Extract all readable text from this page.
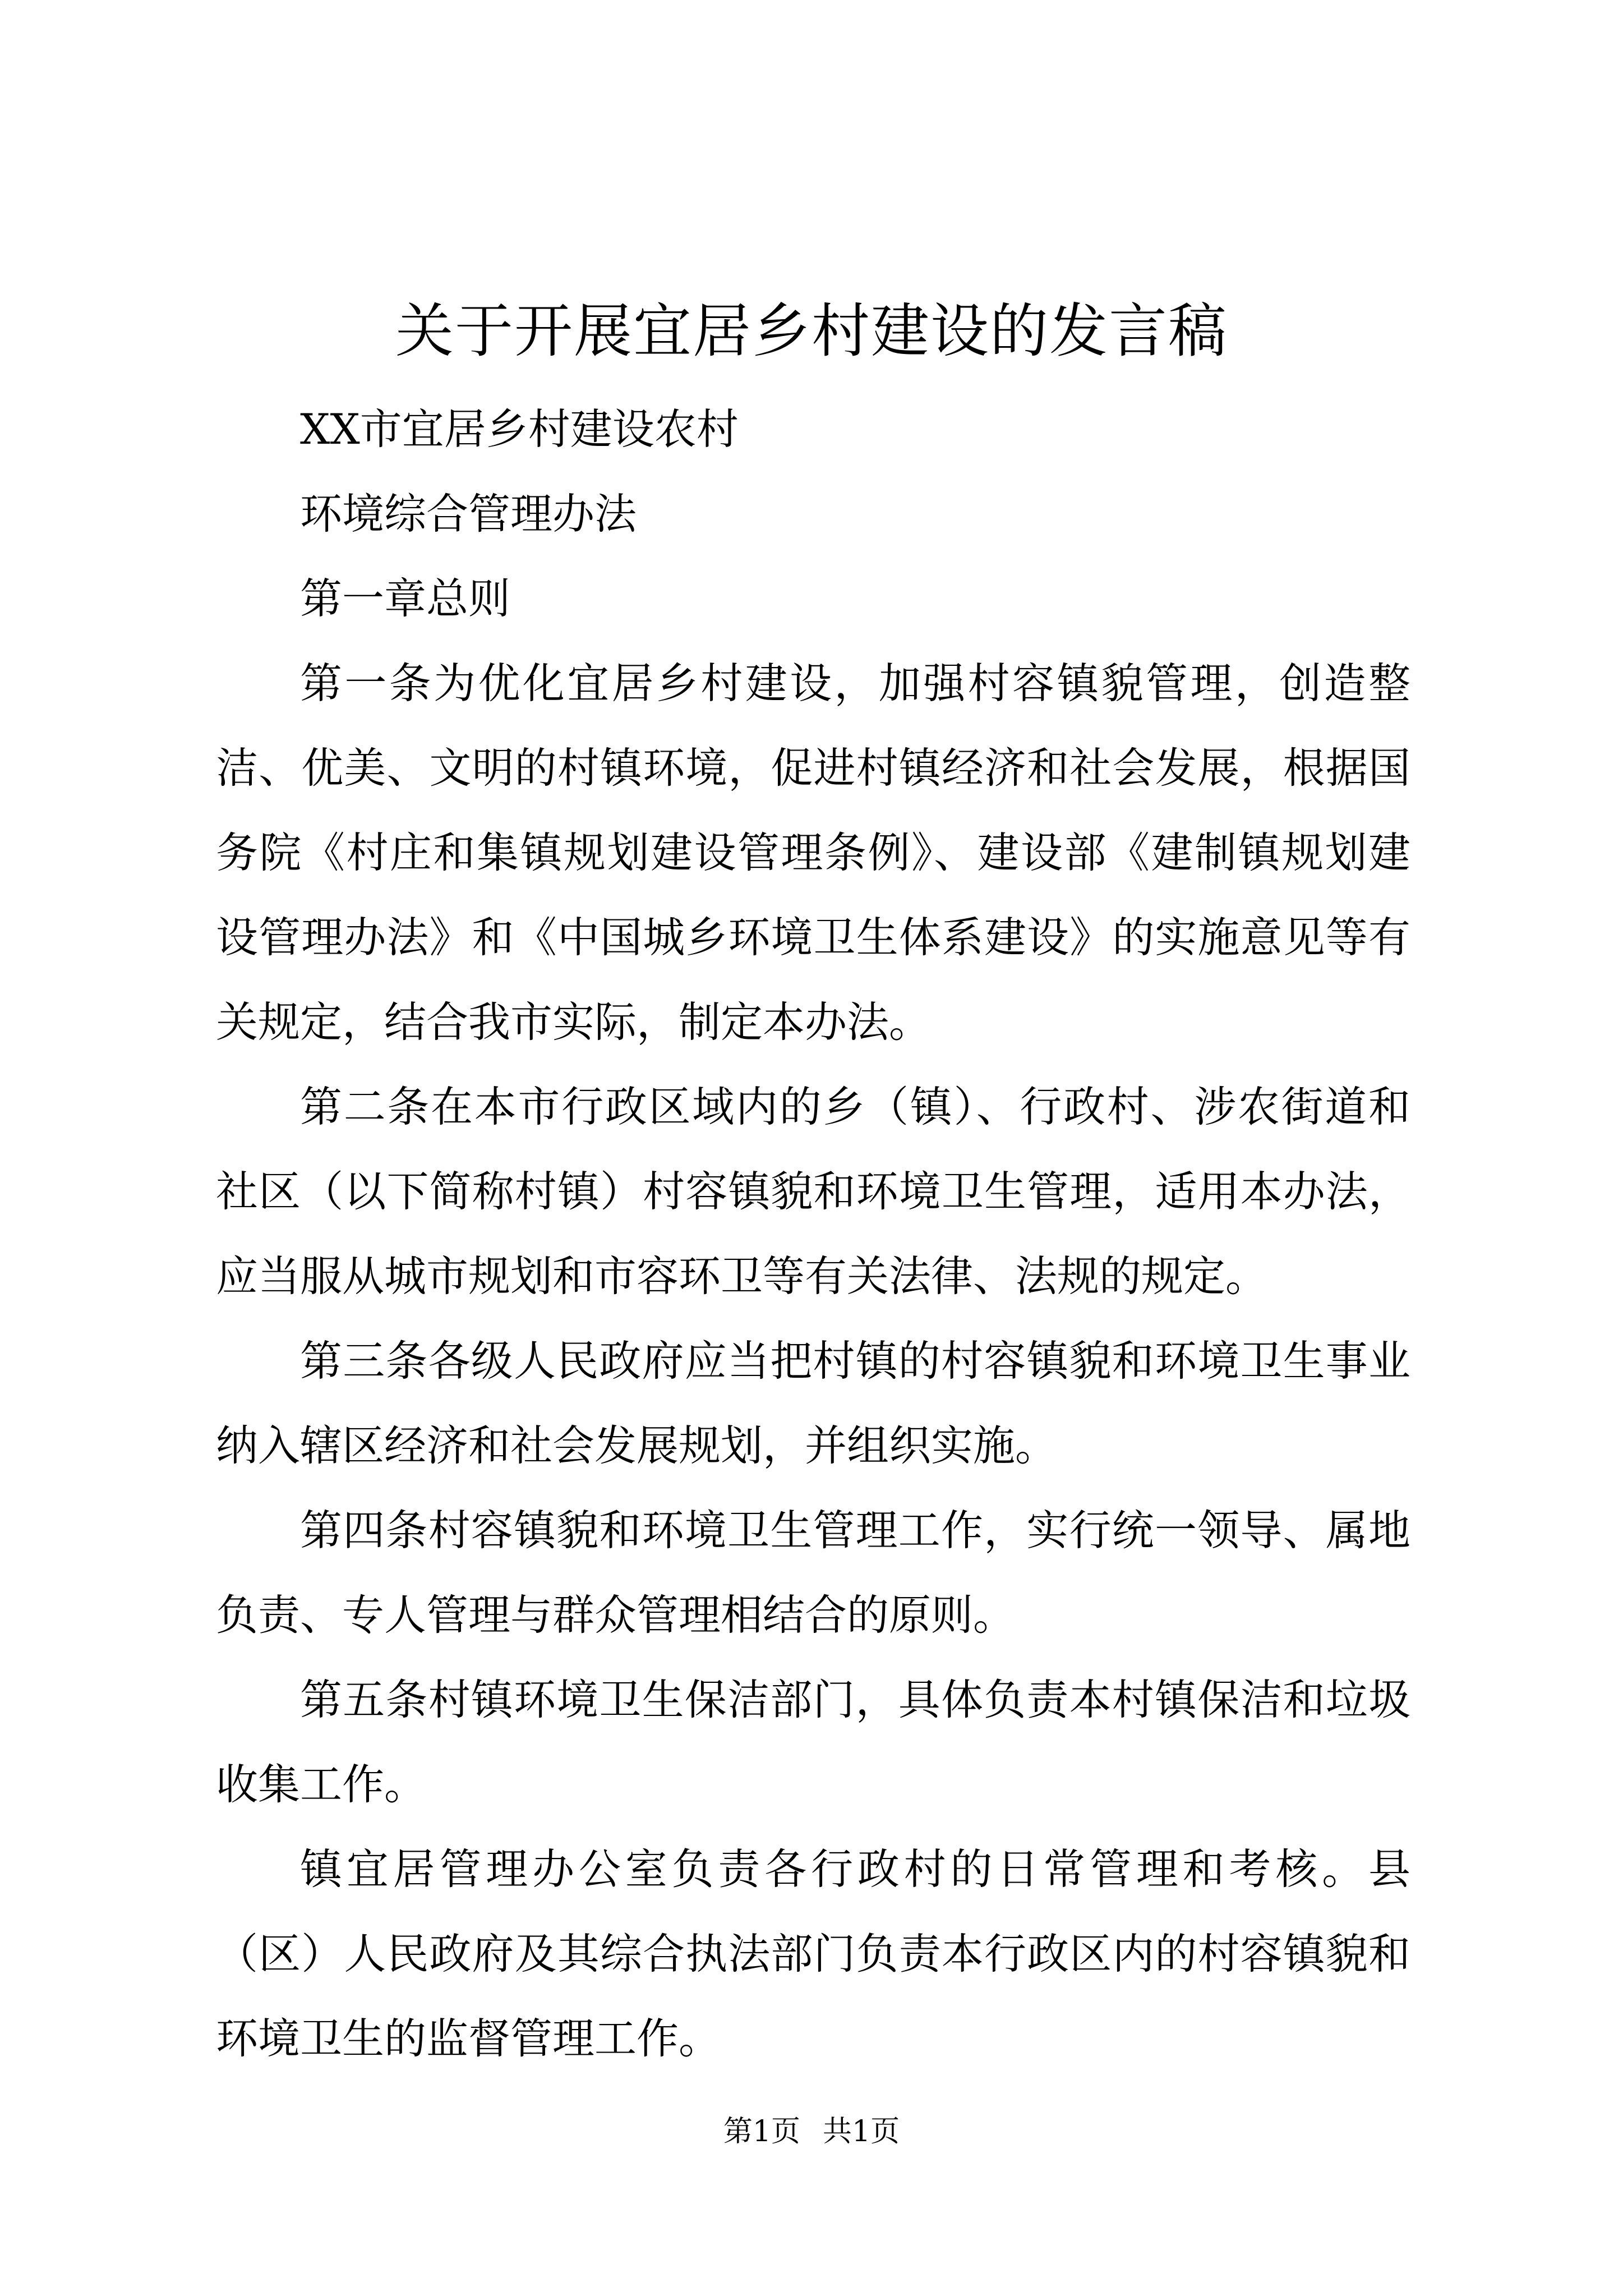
关于开展宜居乡村建设的发言稿

XX市宜居乡村建设农村

环境综合管理办法

第一章总则

第一条为优化宜居乡村建设，加强村容镇貌管理，创造整洁、优美、文明的村镇环境，促进村镇经济和社会发展，根据国务院《村庄和集镇规划建设管理条例》、建设部《建制镇规划建设管理办法》和《中国城乡环境卫生体系建设》的实施意见等有关规定，结合我市实际，制定本办法。

第二条在本市行政区域内的乡（镇）、行政村、涉农街道和社区（以下简称村镇）村容镇貌和环境卫生管理，适用本办法，应当服从城市规划和市容环卫等有关法律、法规的规定。

第三条各级人民政府应当把村镇的村容镇貌和环境卫生事业纳入辖区经济和社会发展规划，并组织实施。

第四条村容镇貌和环境卫生管理工作，实行统一领导、属地负责、专人管理与群众管理相结合的原则。

第五条村镇环境卫生保洁部门，具体负责本村镇保洁和垃圾收集工作。

镇宜居管理办公室负责各行政村的日常管理和考核。县（区）人民政府及其综合执法部门负责本行政区内的村容镇貌和环境卫生的监督管理工作。

第1页 共1页
